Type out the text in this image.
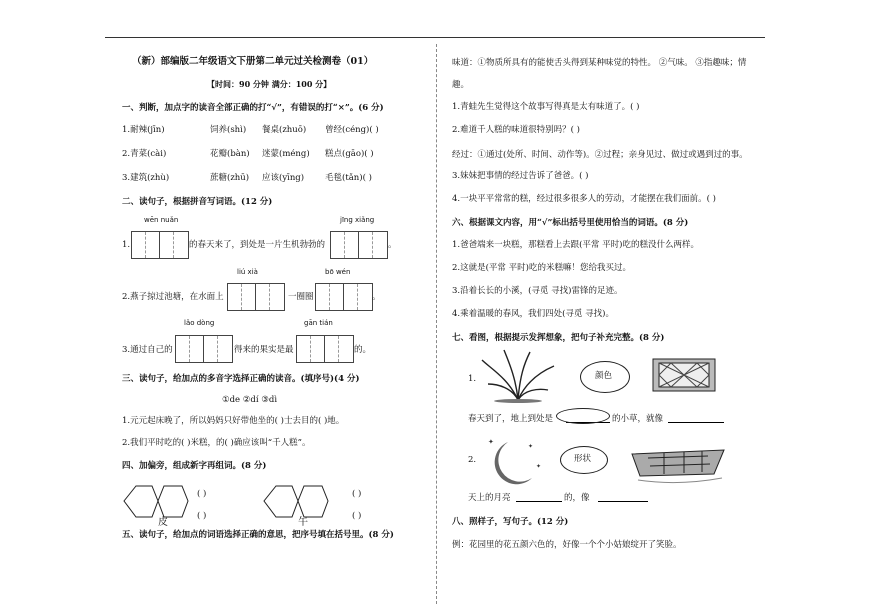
（新）部编版二年级语文下册第二单元过关检测卷（01）
【时间：90 分钟 满分：100 分】
一、判断，加点字的读音全部正确的打“√”，有错误的打“×”。(6 分)
1.耐辣(jīn)	饲养(shì) 餐桌(zhuō) 曾经(céng)( )
2.青菜(cài)	花瓣(bàn) 迷蒙(méng) 糕点(gāo)( )
3.建筑(zhù)	蔗糖(zhū) 应该(yīng) 毛毯(tǎn)( )
二、读句子，根据拼音写词语。(12 分)
wēn nuǎn	jīng xiǎng
1.	的春天来了，到处是一片生机勃勃的	。
liú xià	bō wén
2.燕子掠过池塘，在水面上	一圈圈	。
lǎo dòng	gān tián
3.通过自己的	得来的果实是最	的。
三、读句子，给加点的多音字选择正确的读音。(填序号)(4 分)
①de ②dí ③dì
1.元元起床晚了，所以妈妈只好带他坐的( )士去目的( )地。
2.我们平时吃的( )米糕，的( )确应该叫“千人糕”。
四、加偏旁，组成新字再组词。(8 分)
皮	午
( )
( )
( )
( )
五、读句子，给加点的词语选择正确的意思，把序号填在括号里。(8 分)
味道：①物质所具有的能使舌头得到某种味觉的特性。 ②气味。 ③指趣味；情
趣。
1.青蛙先生觉得这个故事写得真是太有味道了。( )
2.难道千人糕的味道很特别吗？( )
经过：①通过(处所、时间、动作等)。②过程；亲身见过、做过或遇到过的事。
3.妹妹把事情的经过告诉了爸爸。( )
4.一块平平常常的糕，经过很多很多人的劳动，才能摆在我们面前。( )
六、根据课文内容，用“√”标出括号里使用恰当的词语。(8 分)
1.爸爸端来一块糕，那糕看上去跟(平常 平时)吃的糕没什么两样。
2.这就是(平常 平时)吃的米糕嘛！您给我买过。
3.沿着长长的小溪，(寻觅 寻找)雷锋的足迹。
4.乘着温暖的春风，我们四处(寻觅 寻找)。
七、看图，根据提示发挥想象，把句子补充完整。(8 分)
1.	颜色
春天到了，地上到处是	的小草，就像
2.
✦
✦
✦
形状
天上的月亮	的，像
八、照样子，写句子。(12 分)
例：花园里的花五颜六色的，好像一个个小姑娘绽开了笑脸。
